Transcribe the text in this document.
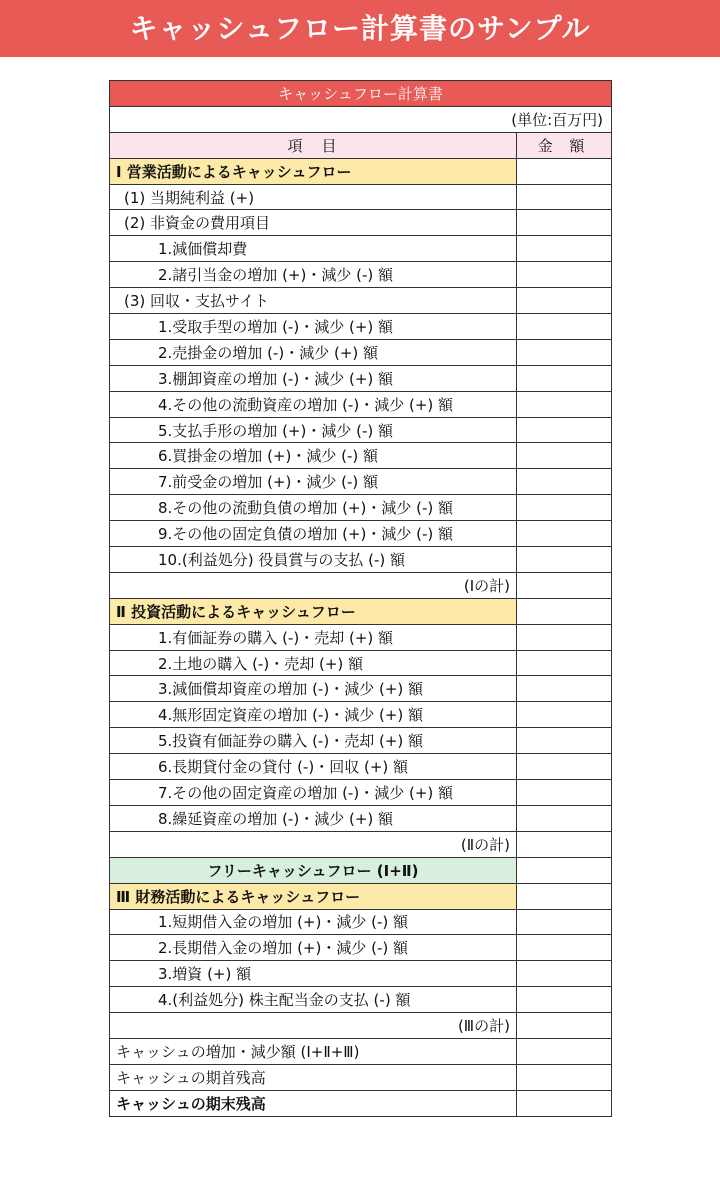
キャッシュフロー計算書のサンプル
キャッシュフロー計算書	
(単位:百万円)	
項　目	金 額
Ⅰ 営業活動によるキャッシュフロー	
(1) 当期純利益 (+)	
(2) 非資金の費用項目	
1.減価償却費	
2.諸引当金の増加 (+)・減少 (-) 額	
(3) 回収・支払サイト	
1.受取手型の増加 (-)・減少 (+) 額	
2.売掛金の増加 (-)・減少 (+) 額	
3.棚卸資産の増加 (-)・減少 (+) 額	
4.その他の流動資産の増加 (-)・減少 (+) 額	
5.支払手形の増加 (+)・減少 (-) 額	
6.買掛金の増加 (+)・減少 (-) 額	
7.前受金の増加 (+)・減少 (-) 額	
8.その他の流動負債の増加 (+)・減少 (-) 額	
9.その他の固定負債の増加 (+)・減少 (-) 額	
10.(利益処分) 役員賞与の支払 (-) 額	
(Ⅰの計)	
Ⅱ 投資活動によるキャッシュフロー	
1.有価証券の購入 (-)・売却 (+) 額	
2.土地の購入 (-)・売却 (+) 額	
3.減価償却資産の増加 (-)・減少 (+) 額	
4.無形固定資産の増加 (-)・減少 (+) 額	
5.投資有価証券の購入 (-)・売却 (+) 額	
6.長期貸付金の貸付 (-)・回収 (+) 額	
7.その他の固定資産の増加 (-)・減少 (+) 額	
8.繰延資産の増加 (-)・減少 (+) 額	
(Ⅱの計)	
フリーキャッシュフロー (Ⅰ+Ⅱ)	
Ⅲ 財務活動によるキャッシュフロー	
1.短期借入金の増加 (+)・減少 (-) 額	
2.長期借入金の増加 (+)・減少 (-) 額	
3.増資 (+) 額	
4.(利益処分) 株主配当金の支払 (-) 額	
(Ⅲの計)	
キャッシュの増加・減少額 (Ⅰ+Ⅱ+Ⅲ)	
キャッシュの期首残高	
キャッシュの期末残高	
